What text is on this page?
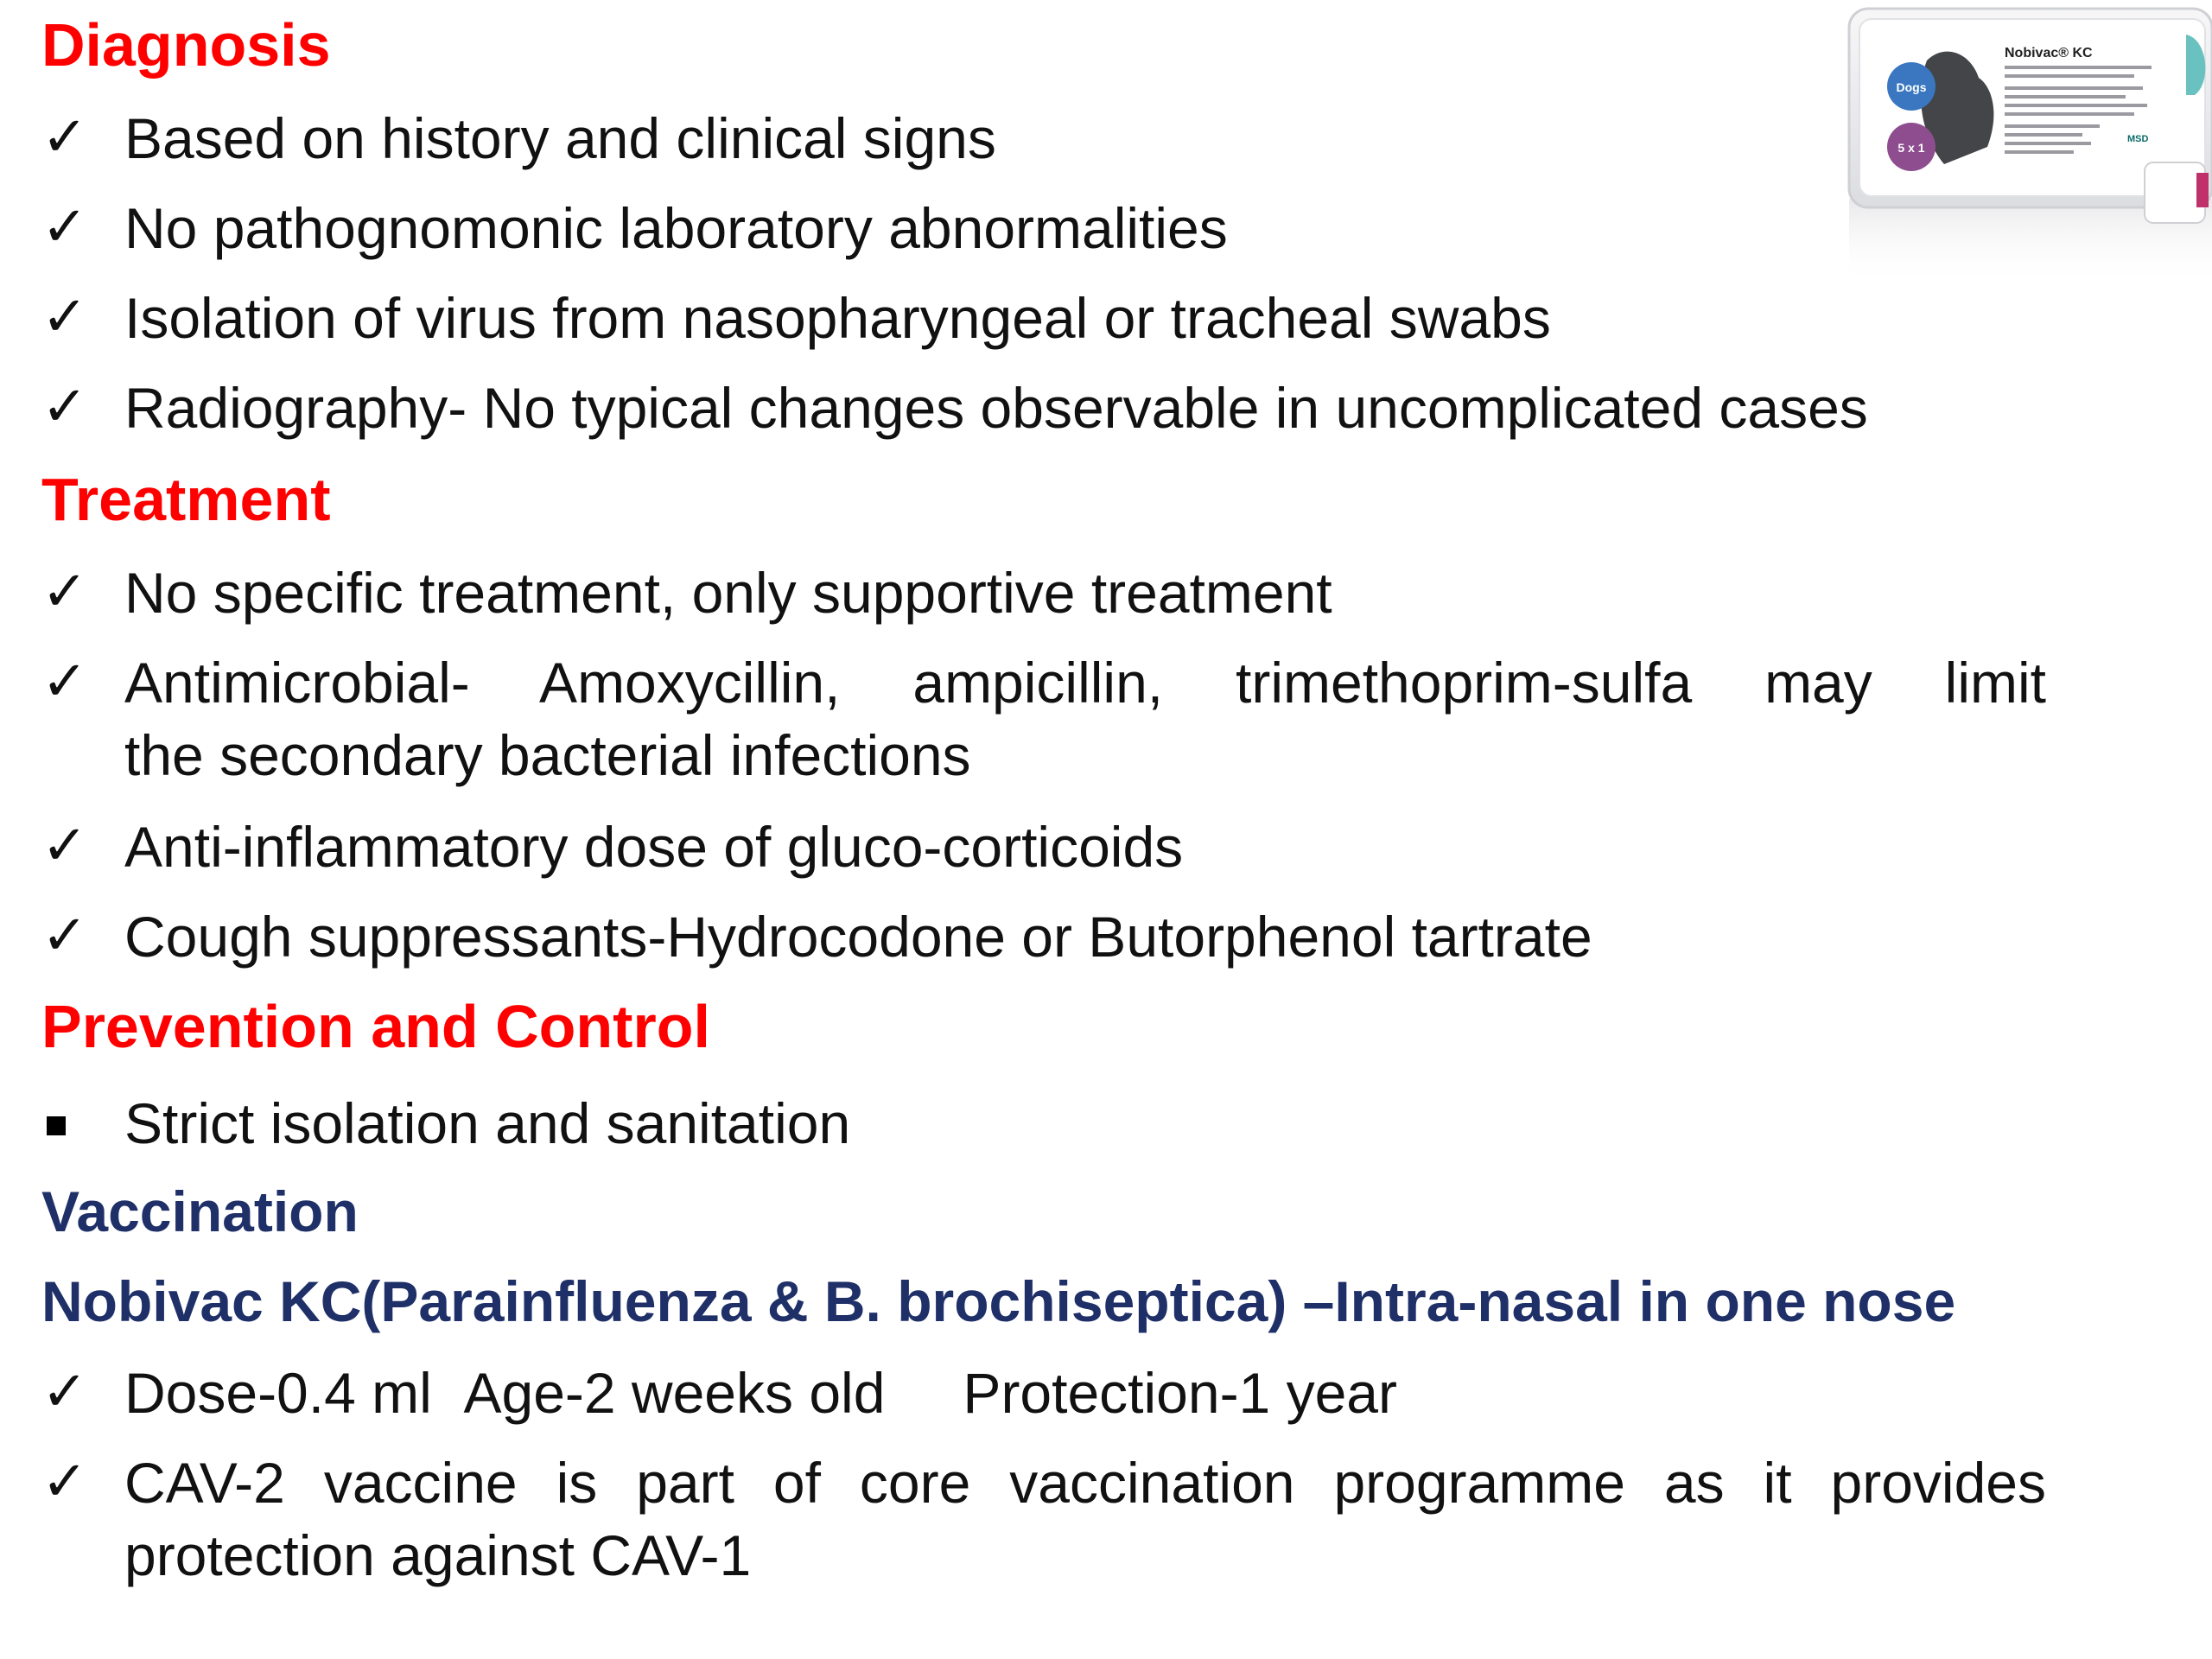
Diagnosis
✓ Based on history and clinical signs
✓ No pathognomonic laboratory abnormalities
✓ Isolation of virus from nasopharyngeal or tracheal swabs
✓ Radiography- No typical changes observable in uncomplicated cases
Treatment
✓ No specific treatment, only supportive treatment
✓ Antimicrobial- Amoxycillin, ampicillin, trimethoprim-sulfa may limit
the secondary bacterial infections
✓ Anti-inflammatory dose of gluco-corticoids
✓ Cough suppressants-Hydrocodone or Butorphenol tartrate
Prevention and Control
Strict isolation and sanitation
Vaccination
Nobivac KC(Parainfluenza & B. brochiseptica) –Intra-nasal in one nose
✓ Dose-0.4 ml Age-2 weeks old Protection-1 year
✓ CAV-2 vaccine is part of core vaccination programme as it provides
protection against CAV-1
Dogs
5 x 1
Nobivac® KC
MSD
